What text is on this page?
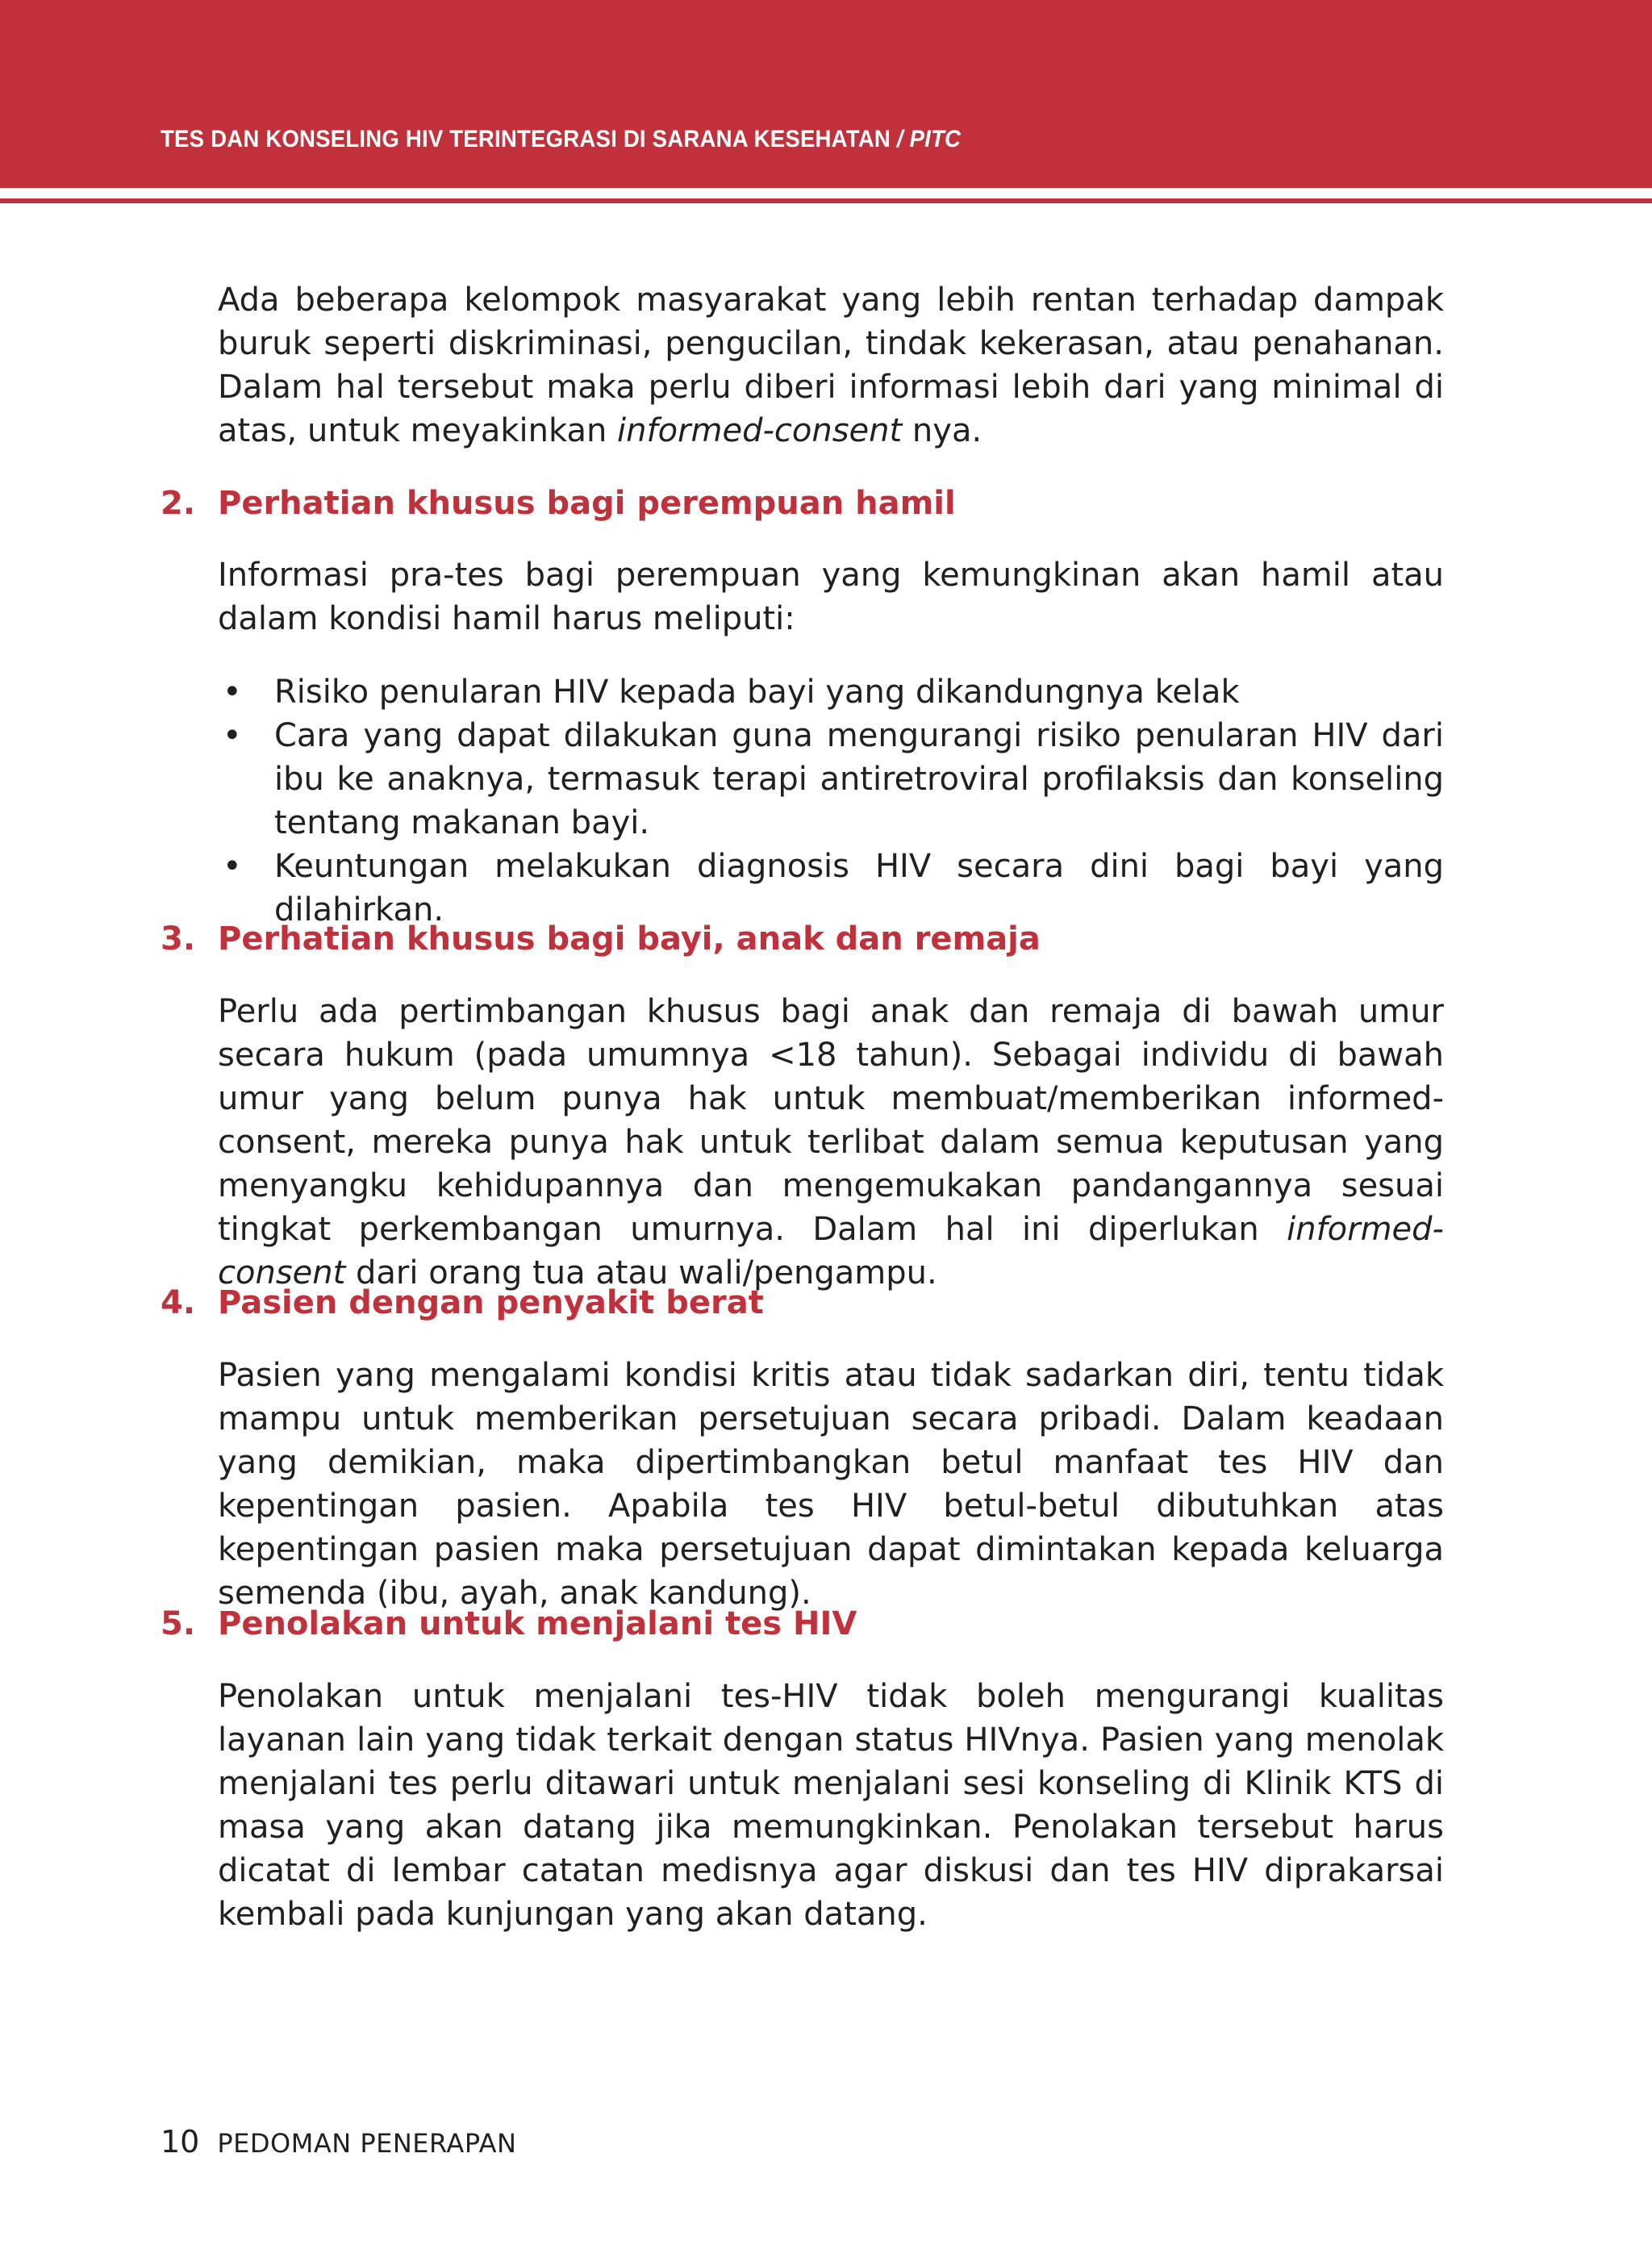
TES DAN KONSELING HIV TERINTEGRASI DI SARANA KESEHATAN / PITC

Ada beberapa kelompok masyarakat yang lebih rentan terhadap dampak buruk seperti diskriminasi, pengucilan, tindak kekerasan, atau penahanan. Dalam hal tersebut maka perlu diberi informasi lebih dari yang minimal di atas, untuk meyakinkan informed-consent nya.

2. Perhatian khusus bagi perempuan hamil

Informasi pra-tes bagi perempuan yang kemungkinan akan hamil atau dalam kondisi hamil harus meliputi:

• Risiko penularan HIV kepada bayi yang dikandungnya kelak
• Cara yang dapat dilakukan guna mengurangi risiko penularan HIV dari ibu ke anaknya, termasuk terapi antiretroviral profilaksis dan konseling tentang makanan bayi.
• Keuntungan melakukan diagnosis HIV secara dini bagi bayi yang dilahirkan.
3. Perhatian khusus bagi bayi, anak dan remaja

Perlu ada pertimbangan khusus bagi anak dan remaja di bawah umur secara hukum (pada umumnya <18 tahun). Sebagai individu di bawah umur yang belum punya hak untuk membuat/memberikan informed-consent, mereka punya hak untuk terlibat dalam semua keputusan yang menyangku kehidupannya dan mengemukakan pandangannya sesuai tingkat perkembangan umurnya. Dalam hal ini diperlukan informed-consent dari orang tua atau wali/pengampu.

4. Pasien dengan penyakit berat

Pasien yang mengalami kondisi kritis atau tidak sadarkan diri, tentu tidak mampu untuk memberikan persetujuan secara pribadi. Dalam keadaan yang demikian, maka dipertimbangkan betul manfaat tes HIV dan kepentingan pasien. Apabila tes HIV betul-betul dibutuhkan atas kepentingan pasien maka persetujuan dapat dimintakan kepada keluarga semenda (ibu, ayah, anak kandung).

5. Penolakan untuk menjalani tes HIV

Penolakan untuk menjalani tes-HIV tidak boleh mengurangi kualitas layanan lain yang tidak terkait dengan status HIVnya. Pasien yang menolak menjalani tes perlu ditawari untuk menjalani sesi konseling di Klinik KTS di masa yang akan datang jika memungkinkan. Penolakan tersebut harus dicatat di lembar catatan medisnya agar diskusi dan tes HIV diprakarsai kembali pada kunjungan yang akan datang.

10 PEDOMAN PENERAPAN
